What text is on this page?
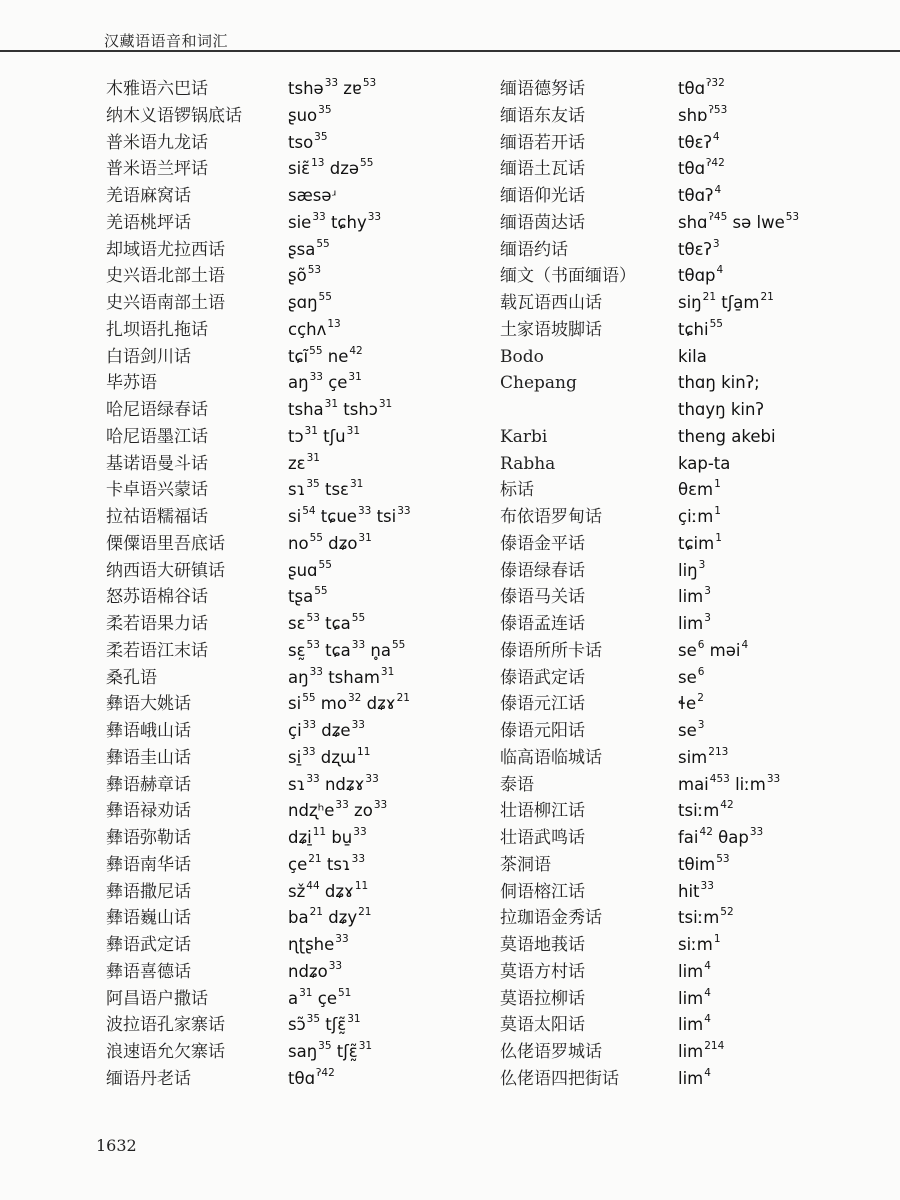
汉藏语语音和词汇
木雅语六巴话	tshə$^{33}$ zɐ$^{53}$
纳木义语锣锅底话	ʂuo$^{35}$
普米语九龙话	tso$^{35}$
普米语兰坪话	siɛ̃$^{13}$ dzə$^{55}$
羌语麻窝话	sæsəʴ
羌语桃坪话	sie$^{33}$ tɕhy$^{33}$
却域语尤拉西话	ʂsa$^{55}$
史兴语北部土语	ʂõ$^{53}$
史兴语南部土语	ʂɑŋ$^{55}$
扎坝语扎拖话	cçhʌ$^{13}$
白语剑川话	tɕĩ$^{55}$ $ne^{42}$
毕苏语	$aŋ^{33}$ $çe^{31}$
哈尼语绿春话	tsha$^{31}$ tshɔ$^{31}$
哈尼语墨江话	tɔ$^{31}$ tʃu$^{31}$
基诺语曼斗话	zɛ$^{31}$
卡卓语兴蒙话	sɿ$^{35}$ tsɛ$^{31}$
拉祜语糯福话	$si^{54}$ tɕue$^{33}$ tsi$^{33}$
傈僳语里吾底话	$no^{55}$ dʑo$^{31}$
纳西语大研镇话	ʂuɑ$^{55}$
怒苏语棉谷话	tʂa$^{55}$
柔若语果力话	sɛ$^{53}$ tɕa$^{55}$
柔若语江末话	sɛ̰$^{53}$ tɕa$^{33}$ $n̥a^{55}$
桑孔语	$aŋ^{33}$ tsham$^{31}$
彝语大姚话	$si^{55}$ $mo^{32}$ dʑɤ$^{21}$
彝语峨山话	$çi^{33}$ dʑe$^{33}$
彝语圭山话	si̱$^{33}$ dʐɯ$^{11}$
彝语赫章话	sɿ$^{33}$ ndʑɤ$^{33}$
彝语禄劝话	ndʐʰe$^{33}$ $zo^{33}$
彝语弥勒话	dʑi̱$^{11}$ bu̱$^{33}$
彝语南华话	$çe^{21}$ tsɿ$^{33}$
彝语撒尼话	$sž^{44}$ dʑɤ$^{11}$
彝语巍山话	$ba^{21}$ dʑy$^{21}$
彝语武定话	ɳʈʂhe$^{33}$
彝语喜德话	ndʑo$^{33}$
阿昌语户撒话	$a^{31}$ $çe^{51}$
波拉语孔家寨话	sɔ̃$^{35}$ tʃɛ̰̃$^{31}$
浪速语允欠寨话	saŋ$^{35}$ tʃɛ̰̃$^{31}$
缅语丹老话	tθɑ$^{ʔ42}$
缅语德努话	tθɑ$^{ʔ32}$
缅语东友话	shɒ$^{ʔ53}$
缅语若开话	tθɛʔ$^4$
缅语土瓦话	tθɑ$^{ʔ42}$
缅语仰光话	tθɑʔ$^4$
缅语茵达话	shɑ$^{ʔ45}$ sə lwe$^{53}$
缅语约话	tθɛʔ$^3$
缅文（书面缅语）	tθɑp$^4$
载瓦语西山话	siŋ$^{21}$ $tʃa̱m^{21}$
土家语坡脚话	tɕhi$^{55}$
Bodo	kila
Chepang	thɑŋ kinʔ;
thɑyŋ kinʔ
Karbi	theng akebi
Rabha	kap-ta
标话	θɛm$^1$
布依语罗甸话	çiːm$^1$
傣语金平话	tɕim$^1$
傣语绿春话	liŋ$^3$
傣语马关话	$\lim^3$
傣语孟连话	$\lim^3$
傣语所所卡话	$se^6$ məi$^4$
傣语武定话	$se^6$
傣语元江话	ɬe$^2$
傣语元阳话	$se^3$
临高语临城话	sim$^{213}$
泰语	mai$^{453}$ liːm$^{33}$
壮语柳江话	tsiːm$^{42}$
壮语武鸣话	fai$^{42}$ θap$^{33}$
茶洞语	tθim$^{53}$
侗语榕江话	hit$^{33}$
拉珈语金秀话	tsiːm$^{52}$
莫语地莪话	siːm$^1$
莫语方村话	$\lim^4$
莫语拉柳话	$\lim^4$
莫语太阳话	$\lim^4$
仫佬语罗城话	$\lim^{214}$
仫佬语四把街话	$\lim^4$
1632
